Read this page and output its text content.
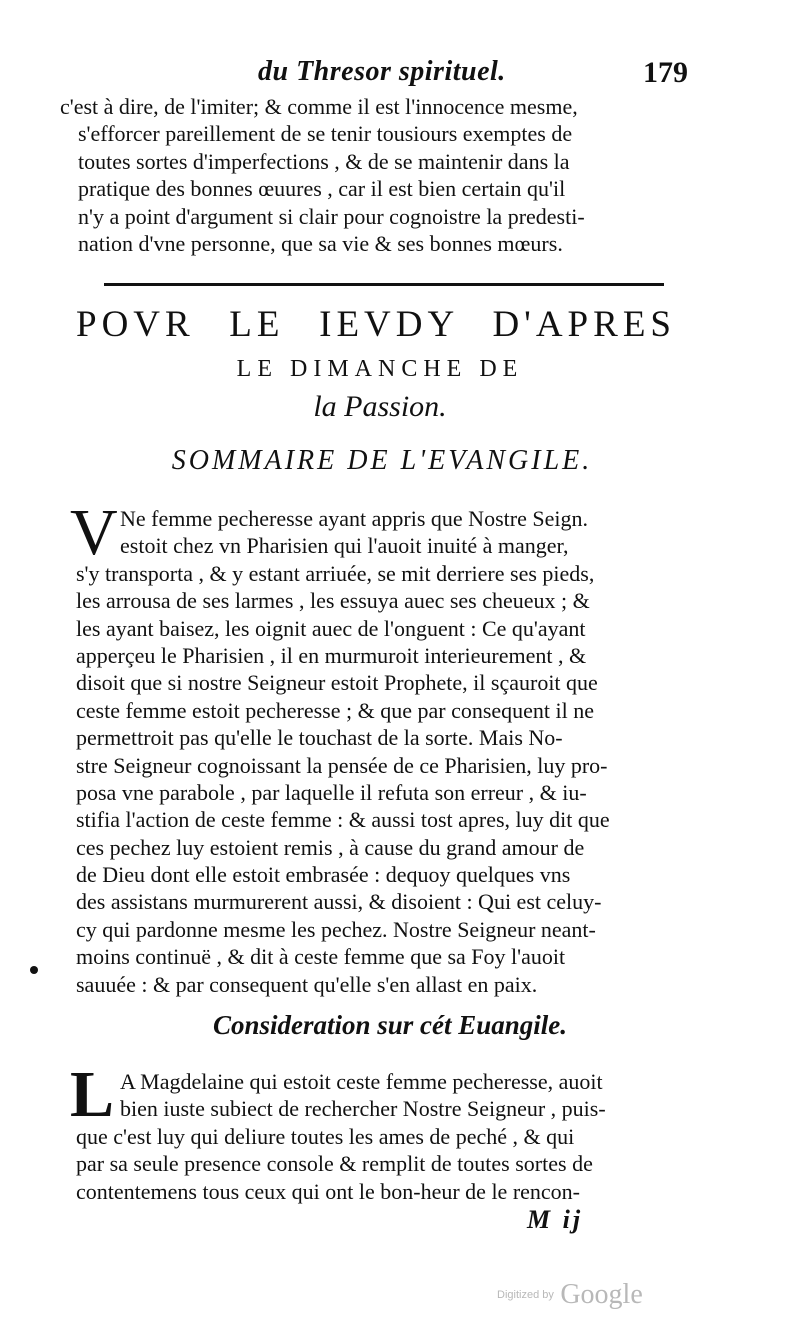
du Thresor spirituel.	179
c'est à dire, de l'imiter; & comme il est l'innocence mesme,
s'efforcer pareillement de se tenir tousiours exemptes de
toutes sortes d'imperfections , & de se maintenir dans la
pratique des bonnes œuures , car il est bien certain qu'il
n'y a point d'argument si clair pour cognoistre la predesti-
nation d'vne personne, que sa vie & ses bonnes mœurs.
POVR LE IEVDY D'APRES
LE DIMANCHE DE
la Passion.
SOMMAIRE DE L'EVANGILE.
V Ne femme pecheresse ayant appris que Nostre Seign.
estoit chez vn Pharisien qui l'auoit inuité à manger,
s'y transporta , & y estant arriuée, se mit derriere ses pieds,
les arrousa de ses larmes , les essuya auec ses cheueux ; &
les ayant baisez, les oignit auec de l'onguent : Ce qu'ayant
apperçeu le Pharisien , il en murmuroit interieurement , &
disoit que si nostre Seigneur estoit Prophete, il sçauroit que
ceste femme estoit pecheresse ; & que par consequent il ne
permettroit pas qu'elle le touchast de la sorte. Mais No-
stre Seigneur cognoissant la pensée de ce Pharisien, luy pro-
posa vne parabole , par laquelle il refuta son erreur , & iu-
stifia l'action de ceste femme : & aussi tost apres, luy dit que
ces pechez luy estoient remis , à cause du grand amour de
de Dieu dont elle estoit embrasée : dequoy quelques vns
des assistans murmurerent aussi, & disoient : Qui est celuy-
cy qui pardonne mesme les pechez. Nostre Seigneur neant-
moins continuë , & dit à ceste femme que sa Foy l'auoit
sauuée : & par consequent qu'elle s'en allast en paix.
Consideration sur cét Euangile.
L A Magdelaine qui estoit ceste femme pecheresse, auoit
bien iuste subiect de rechercher Nostre Seigneur , puis-
que c'est luy qui deliure toutes les ames de peché , & qui
par sa seule presence console & remplit de toutes sortes de
contentemens tous ceux qui ont le bon-heur de le rencon-
M ij
Digitized by Google
